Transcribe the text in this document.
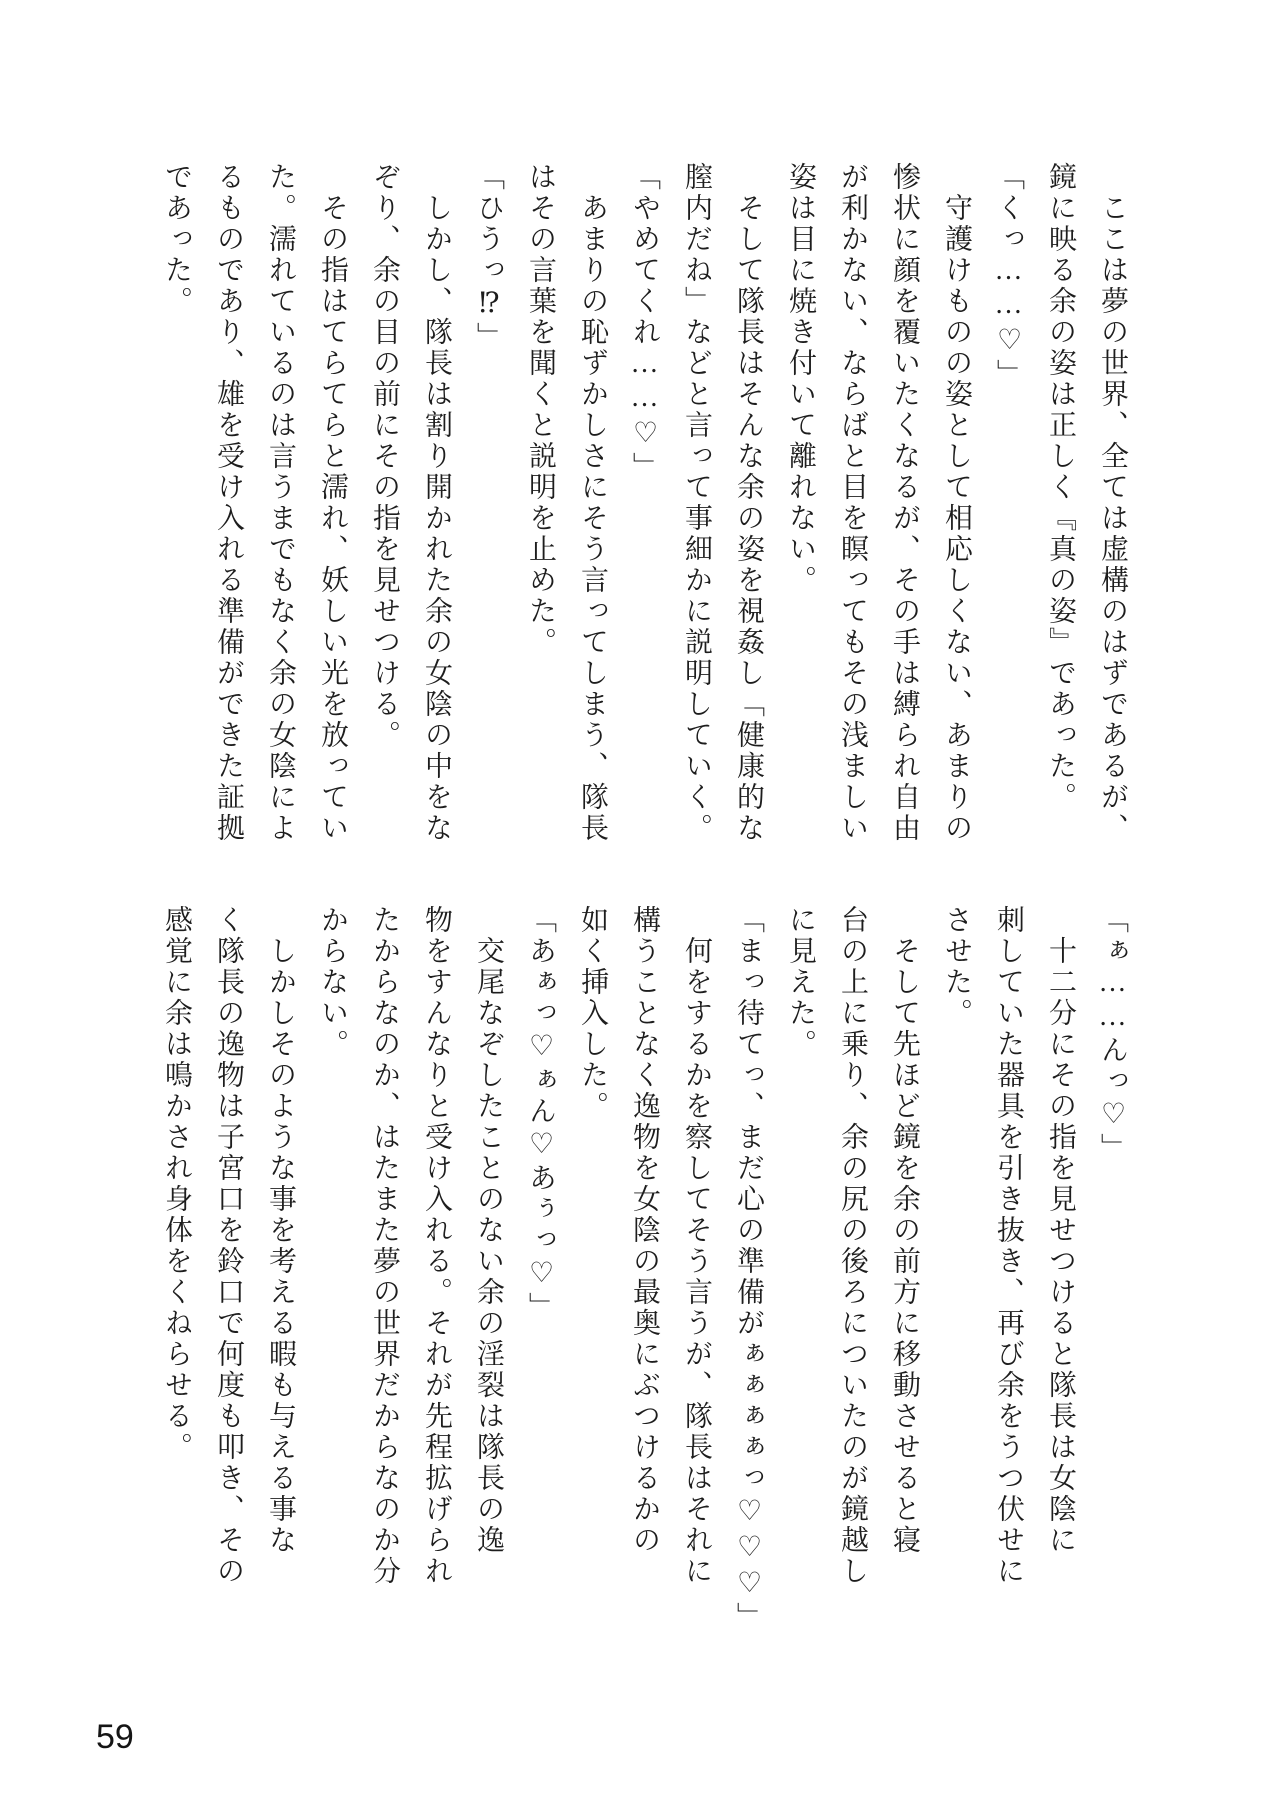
　ここは夢の世界、全ては虚構のはずであるが、
鏡に映る余の姿は正しく『真の姿』であった。
「くっ……♡」
　守護けものの姿として相応しくない、あまりの
惨状に顔を覆いたくなるが、その手は縛られ自由
が利かない、ならばと目を瞑ってもその浅ましい
姿は目に焼き付いて離れない。
　そして隊長はそんな余の姿を視姦し「健康的な
膣内だね」などと言って事細かに説明していく。
「やめてくれ……♡」
　あまりの恥ずかしさにそう言ってしまう、隊長
はその言葉を聞くと説明を止めた。
「ひうっ⁉」
　しかし、隊長は割り開かれた余の女陰の中をな
ぞり、余の目の前にその指を見せつける。
　その指はてらてらと濡れ、妖しい光を放ってい
た。濡れているのは言うまでもなく余の女陰によ
るものであり、雄を受け入れる準備ができた証拠
であった。
「ぁ……んっ♡」
　十二分にその指を見せつけると隊長は女陰に
刺していた器具を引き抜き、再び余をうつ伏せに
させた。
　そして先ほど鏡を余の前方に移動させると寝
台の上に乗り、余の尻の後ろについたのが鏡越し
に見えた。
「まっ待てっ、まだ心の準備がぁぁぁぁっ♡♡♡」
　何をするかを察してそう言うが、隊長はそれに
構うことなく逸物を女陰の最奥にぶつけるかの
如く挿入した。
「あぁっ♡ぁん♡あぅっ♡」
　交尾なぞしたことのない余の淫裂は隊長の逸
物をすんなりと受け入れる。それが先程拡げられ
たからなのか、はたまた夢の世界だからなのか分
からない。
　しかしそのような事を考える暇も与える事な
く隊長の逸物は子宮口を鈴口で何度も叩き、その
感覚に余は鳴かされ身体をくねらせる。
59
